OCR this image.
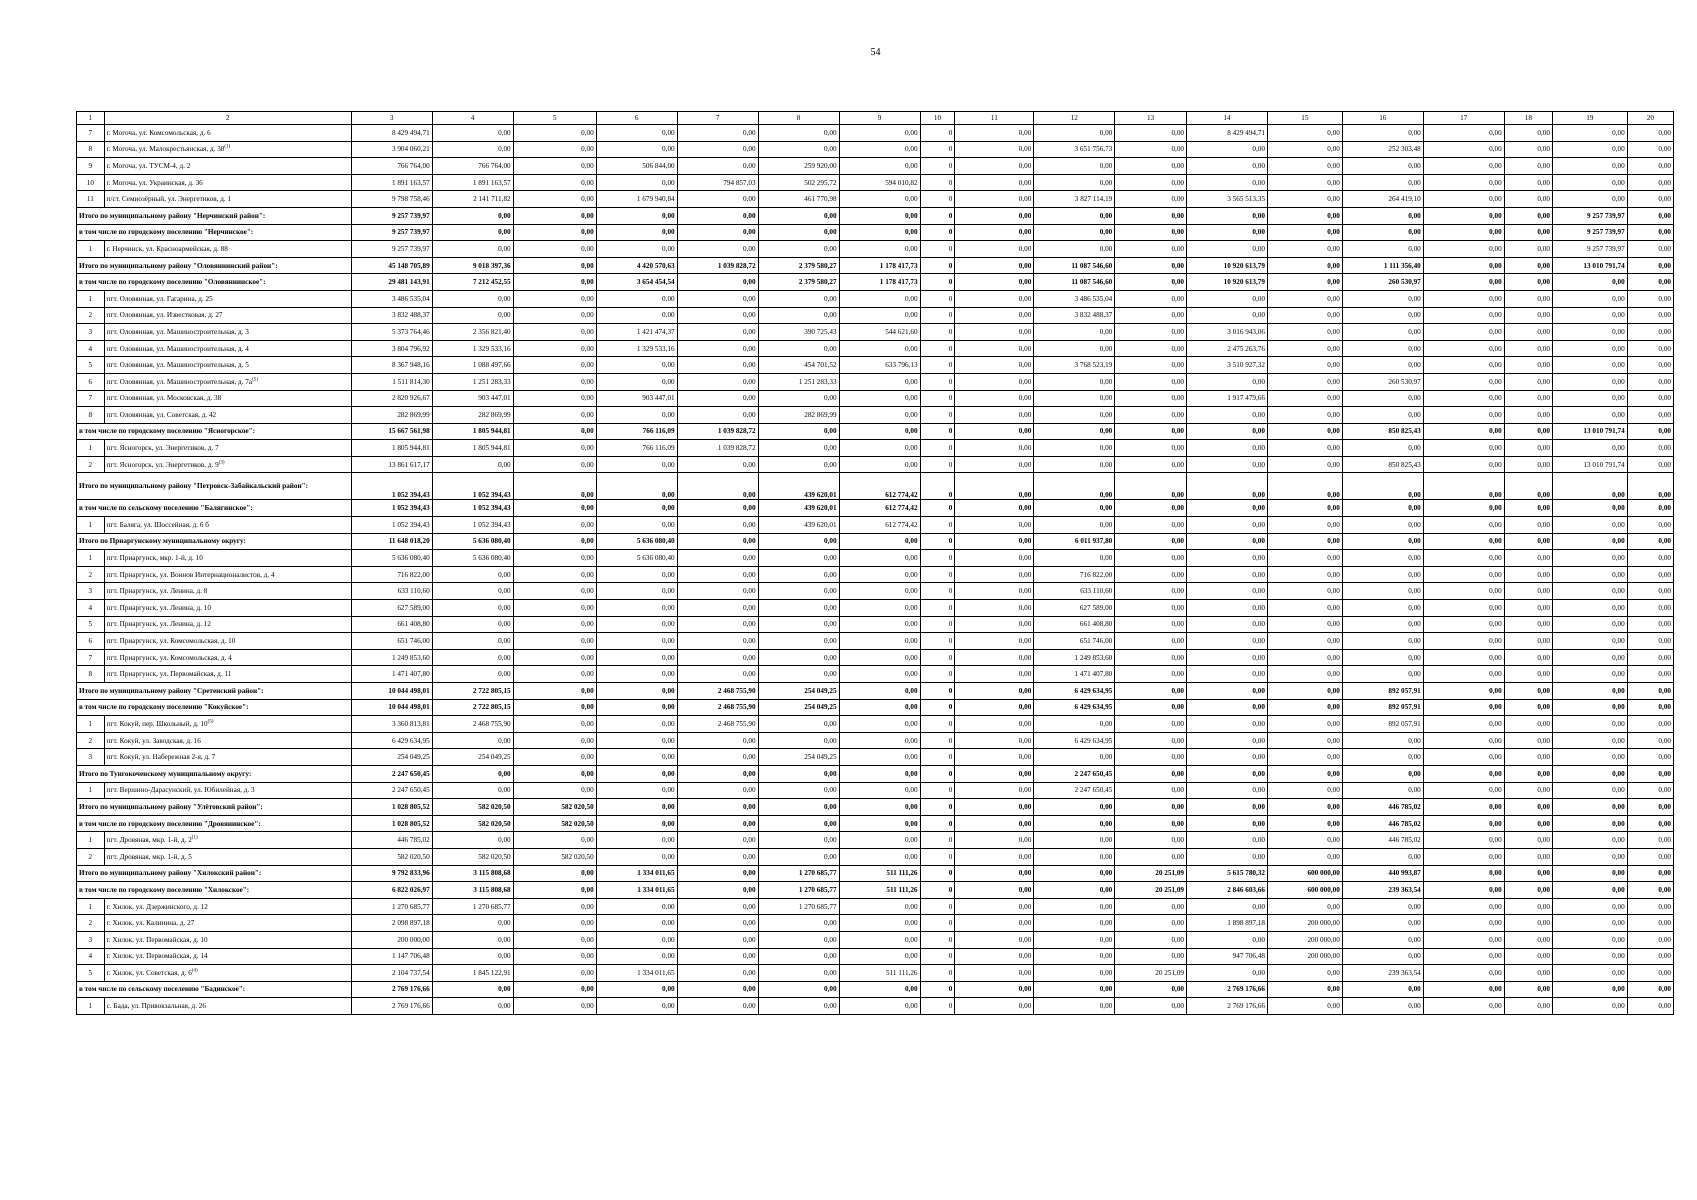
54
1	2	3	4	5	6	7	8	9	10	11	12	13	14	15	16	17	18	19	20
7	г. Могоча, ул. Комсомольская, д. 6	8 429 494,71	0,00	0,00	0,00	0,00	0,00	0,00	0	0,00	0,00	0,00	8 429 494,71	0,00	0,00	0,00	0,00	0,00	0,00
8	г. Могоча, ул. Малокрестьянская, д. 38$^{(1)}$	3 904 060,21	0,00	0,00	0,00	0,00	0,00	0,00	0	0,00	3 651 756,73	0,00	0,00	0,00	252 303,48	0,00	0,00	0,00	0,00
9	г. Могоча, ул. ТУСМ-4, д. 2	766 764,00	766 764,00	0,00	506 844,00	0,00	259 920,00	0,00	0	0,00	0,00	0,00	0,00	0,00	0,00	0,00	0,00	0,00	0,00
10	г. Могоча, ул. Украинская, д. 36	1 891 163,57	1 891 163,57	0,00	0,00	794 857,03	502 295,72	594 010,82	0	0,00	0,00	0,00	0,00	0,00	0,00	0,00	0,00	0,00	0,00
11	п/ст. Семиозёрный, ул. Энергетиков, д. 1	9 798 758,46	2 141 711,82	0,00	1 679 940,84	0,00	461 770,98	0,00	0	0,00	3 827 114,19	0,00	3 565 513,35	0,00	264 419,10	0,00	0,00	0,00	0,00
Итого по муниципальному району "Нерчинский район":		9 257 739,97	0,00	0,00	0,00	0,00	0,00	0,00	0	0,00	0,00	0,00	0,00	0,00	0,00	0,00	0,00	9 257 739,97	0,00
в том числе по городскому поселению "Нерчинское":		9 257 739,97	0,00	0,00	0,00	0,00	0,00	0,00	0	0,00	0,00	0,00	0,00	0,00	0,00	0,00	0,00	9 257 739,97	0,00
1	г. Нерчинск, ул. Красноармейская, д. 88	9 257 739,97	0,00	0,00	0,00	0,00	0,00	0,00	0	0,00	0,00	0,00	0,00	0,00	0,00	0,00	0,00	9 257 739,97	0,00
Итого по муниципальному району "Оловяннинский район":		45 148 705,89	9 018 397,36	0,00	4 420 570,63	1 039 828,72	2 379 580,27	1 178 417,73	0	0,00	11 087 546,60	0,00	10 920 613,79	0,00	1 111 356,40	0,00	0,00	13 010 791,74	0,00
в том числе по городскому поселению "Оловяннинское":		29 481 143,91	7 212 452,55	0,00	3 654 454,54	0,00	2 379 580,27	1 178 417,73	0	0,00	11 087 546,60	0,00	10 920 613,79	0,00	260 530,97	0,00	0,00	0,00	0,00
1	пгт. Оловянная, ул. Гагарина, д. 25	3 486 535,04	0,00	0,00	0,00	0,00	0,00	0,00	0	0,00	3 486 535,04	0,00	0,00	0,00	0,00	0,00	0,00	0,00	0,00
2	пгт. Оловянная, ул. Известковая, д. 27	3 832 488,37	0,00	0,00	0,00	0,00	0,00	0,00	0	0,00	3 832 488,37	0,00	0,00	0,00	0,00	0,00	0,00	0,00	0,00
3	пгт. Оловянная, ул. Машиностроительная, д. 3	5 373 764,46	2 356 821,40	0,00	1 421 474,37	0,00	390 725,43	544 621,60	0	0,00	0,00	0,00	3 016 943,06	0,00	0,00	0,00	0,00	0,00	0,00
4	пгт. Оловянная, ул. Машиностроительная, д. 4	3 804 796,92	1 329 533,16	0,00	1 329 533,16	0,00	0,00	0,00	0	0,00	0,00	0,00	2 475 263,76	0,00	0,00	0,00	0,00	0,00	0,00
5	пгт. Оловянная, ул. Машиностроительная, д. 5	8 367 948,16	1 088 497,66	0,00	0,00	0,00	454 701,52	633 796,13	0	0,00	3 768 523,19	0,00	3 510 927,32	0,00	0,00	0,00	0,00	0,00	0,00
6	пгт. Оловянная, ул. Машиностроительная, д. $7а^{(5)}$	1 511 814,30	1 251 283,33	0,00	0,00	0,00	1 251 283,33	0,00	0	0,00	0,00	0,00	0,00	0,00	260 530,97	0,00	0,00	0,00	0,00
7	пгт. Оловянная, ул. Московская, д. 38	2 820 926,67	903 447,01	0,00	903 447,01	0,00	0,00	0,00	0	0,00	0,00	0,00	1 917 479,66	0,00	0,00	0,00	0,00	0,00	0,00
8	пгт. Оловянная, ул. Советская, д. 42	282 869,99	282 869,99	0,00	0,00	0,00	282 869,99	0,00	0	0,00	0,00	0,00	0,00	0,00	0,00	0,00	0,00	0,00	0,00
в том числе по городскому поселению "Ясногорское":		15 667 561,98	1 805 944,81	0,00	766 116,09	1 039 828,72	0,00	0,00	0	0,00	0,00	0,00	0,00	0,00	850 825,43	0,00	0,00	13 010 791,74	0,00
1	пгт. Ясногорск, ул. Энергетиков, д. 7	1 805 944,81	1 805 944,81	0,00	766 116,09	1 039 828,72	0,00	0,00	0	0,00	0,00	0,00	0,00	0,00	0,00	0,00	0,00	0,00	0,00
2	пгт. Ясногорск, ул. Энергетиков, д. 9$^{(3)}$	13 861 617,17	0,00	0,00	0,00	0,00	0,00	0,00	0	0,00	0,00	0,00	0,00	0,00	850 825,43	0,00	0,00	13 010 791,74	0,00
Итого по муниципальному району "Петровск-Забайкальский район":		1 052 394,43	1 052 394,43	0,00	0,00	0,00	439 620,01	612 774,42	0	0,00	0,00	0,00	0,00	0,00	0,00	0,00	0,00	0,00	0,00
в том числе по сельскому поселению "Балягинское":		1 052 394,43	1 052 394,43	0,00	0,00	0,00	439 620,01	612 774,42	0	0,00	0,00	0,00	0,00	0,00	0,00	0,00	0,00	0,00	0,00
1	пгт. Баляга, ул. Шоссейная, д. 6 б	1 052 394,43	1 052 394,43	0,00	0,00	0,00	439 620,01	612 774,42	0	0,00	0,00	0,00	0,00	0,00	0,00	0,00	0,00	0,00	0,00
Итого по Приаргунскому муниципальному округу:		11 648 018,20	5 636 080,40	0,00	5 636 080,40	0,00	0,00	0,00	0	0,00	6 011 937,80	0,00	0,00	0,00	0,00	0,00	0,00	0,00	0,00
1	пгт. Приаргунск, мкр. 1-й, д. 10	5 636 080,40	5 636 080,40	0,00	5 636 080,40	0,00	0,00	0,00	0	0,00	0,00	0,00	0,00	0,00	0,00	0,00	0,00	0,00	0,00
2	пгт. Приаргунск, ул. Воинов Интернационалистов, д. 4	716 822,00	0,00	0,00	0,00	0,00	0,00	0,00	0	0,00	716 822,00	0,00	0,00	0,00	0,00	0,00	0,00	0,00	0,00
3	пгт. Приаргунск, ул. Ленина, д. 8	633 110,60	0,00	0,00	0,00	0,00	0,00	0,00	0	0,00	633 110,60	0,00	0,00	0,00	0,00	0,00	0,00	0,00	0,00
4	пгт. Приаргунск, ул. Ленина, д. 10	627 589,00	0,00	0,00	0,00	0,00	0,00	0,00	0	0,00	627 589,00	0,00	0,00	0,00	0,00	0,00	0,00	0,00	0,00
5	пгт. Приаргунск, ул. Ленина, д. 12	661 408,80	0,00	0,00	0,00	0,00	0,00	0,00	0	0,00	661 408,80	0,00	0,00	0,00	0,00	0,00	0,00	0,00	0,00
6	пгт. Приаргунск, ул. Комсомольская, д. 10	651 746,00	0,00	0,00	0,00	0,00	0,00	0,00	0	0,00	651 746,00	0,00	0,00	0,00	0,00	0,00	0,00	0,00	0,00
7	пгт. Приаргунск, ул. Комсомольская, д. 4	1 249 853,60	0,00	0,00	0,00	0,00	0,00	0,00	0	0,00	1 249 853,60	0,00	0,00	0,00	0,00	0,00	0,00	0,00	0,00
8	пгт. Приаргунск, ул. Первомайская, д. 11	1 471 407,80	0,00	0,00	0,00	0,00	0,00	0,00	0	0,00	1 471 407,80	0,00	0,00	0,00	0,00	0,00	0,00	0,00	0,00
Итого по муниципальному району "Сретенский район":		10 044 498,01	2 722 805,15	0,00	0,00	2 468 755,90	254 049,25	0,00	0	0,00	6 429 634,95	0,00	0,00	0,00	892 057,91	0,00	0,00	0,00	0,00
в том числе по городскому поселению "Кокуйское":		10 044 498,01	2 722 805,15	0,00	0,00	2 468 755,90	254 049,25	0,00	0	0,00	6 429 634,95	0,00	0,00	0,00	892 057,91	0,00	0,00	0,00	0,00
1	пгт. Кокуй, пер. Школьный, д. 10$^{(5)}$	3 360 813,81	2 468 755,90	0,00	0,00	2 468 755,90	0,00	0,00	0	0,00	0,00	0,00	0,00	0,00	892 057,91	0,00	0,00	0,00	0,00
2	пгт. Кокуй, ул. Заводская, д. 16	6 429 634,95	0,00	0,00	0,00	0,00	0,00	0,00	0	0,00	6 429 634,95	0,00	0,00	0,00	0,00	0,00	0,00	0,00	0,00
3	пгт. Кокуй, ул. Набережная 2-я, д. 7	254 049,25	254 049,25	0,00	0,00	0,00	254 049,25	0,00	0	0,00	0,00	0,00	0,00	0,00	0,00	0,00	0,00	0,00	0,00
Итого по Тунгокоченскому муниципальному округу:		2 247 650,45	0,00	0,00	0,00	0,00	0,00	0,00	0	0,00	2 247 650,45	0,00	0,00	0,00	0,00	0,00	0,00	0,00	0,00
1	пгт. Вершино-Дарасунский, ул. Юбилейная, д. 3	2 247 650,45	0,00	0,00	0,00	0,00	0,00	0,00	0	0,00	2 247 650,45	0,00	0,00	0,00	0,00	0,00	0,00	0,00	0,00
Итого по муниципальному району "Улётовский район":		1 028 805,52	582 020,50	582 020,50	0,00	0,00	0,00	0,00	0	0,00	0,00	0,00	0,00	0,00	446 785,02	0,00	0,00	0,00	0,00
в том числе по городскому поселению "Дровянинское":		1 028 805,52	582 020,50	582 020,50	0,00	0,00	0,00	0,00	0	0,00	0,00	0,00	0,00	0,00	446 785,02	0,00	0,00	0,00	0,00
1	пгт. Дровяная, мкр. 1-й, д. 2$^{(1)}$	446 785,02	0,00	0,00	0,00	0,00	0,00	0,00	0	0,00	0,00	0,00	0,00	0,00	446 785,02	0,00	0,00	0,00	0,00
2	пгт. Дровяная, мкр. 1-й, д. 5	582 020,50	582 020,50	582 020,50	0,00	0,00	0,00	0,00	0	0,00	0,00	0,00	0,00	0,00	0,00	0,00	0,00	0,00	0,00
Итого по муниципальному району "Хилокский район":		9 792 833,96	3 115 808,68	0,00	1 334 011,65	0,00	1 270 685,77	511 111,26	0	0,00	0,00	20 251,09	5 615 780,32	600 000,00	440 993,87	0,00	0,00	0,00	0,00
в том числе по городскому поселению "Хилокское":		6 822 026,97	3 115 808,68	0,00	1 334 011,65	0,00	1 270 685,77	511 111,26	0	0,00	0,00	20 251,09	2 846 603,66	600 000,00	239 363,54	0,00	0,00	0,00	0,00
1	г. Хилок, ул. Дзержинского, д. 12	1 270 685,77	1 270 685,77	0,00	0,00	0,00	1 270 685,77	0,00	0	0,00	0,00	0,00	0,00	0,00	0,00	0,00	0,00	0,00	0,00
2	г. Хилок, ул. Калинина, д. 27	2 098 897,18	0,00	0,00	0,00	0,00	0,00	0,00	0	0,00	0,00	0,00	1 898 897,18	200 000,00	0,00	0,00	0,00	0,00	0,00
3	г. Хилок, ул. Первомайская, д. 10	200 000,00	0,00	0,00	0,00	0,00	0,00	0,00	0	0,00	0,00	0,00	0,00	200 000,00	0,00	0,00	0,00	0,00	0,00
4	г. Хилок, ул. Первомайская, д. 14	1 147 706,48	0,00	0,00	0,00	0,00	0,00	0,00	0	0,00	0,00	0,00	947 706,48	200 000,00	0,00	0,00	0,00	0,00	0,00
5	г. Хилок, ул. Советская, д. 6$^{(4)}$	2 104 737,54	1 845 122,91	0,00	1 334 011,65	0,00	0,00	511 111,26	0	0,00	0,00	20 251,09	0,00	0,00	239 363,54	0,00	0,00	0,00	0,00
в том числе по сельскому поселению "Бадинское":		2 769 176,66	0,00	0,00	0,00	0,00	0,00	0,00	0	0,00	0,00	0,00	2 769 176,66	0,00	0,00	0,00	0,00	0,00	0,00
1	с. Бада, ул. Привокзальная, д. 26	2 769 176,66	0,00	0,00	0,00	0,00	0,00	0,00	0	0,00	0,00	0,00	2 769 176,66	0,00	0,00	0,00	0,00	0,00	0,00
